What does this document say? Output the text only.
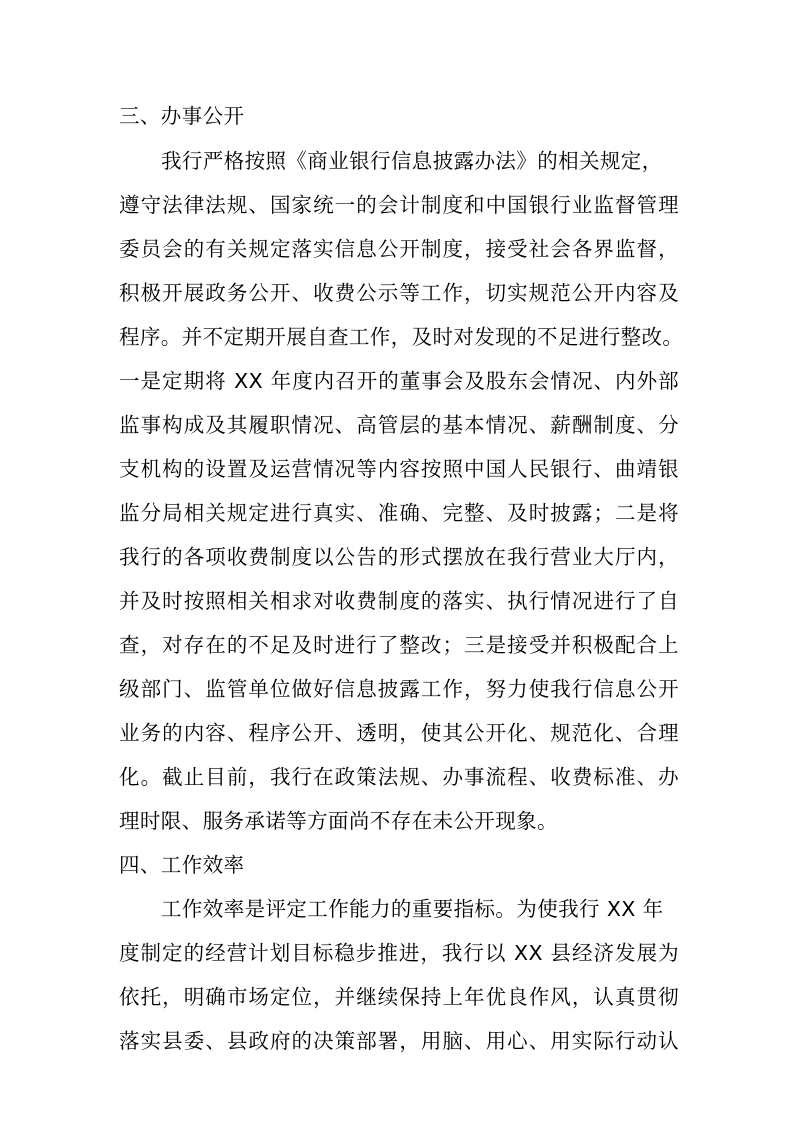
三、办事公开
我行严格按照《商业银行信息披露办法》的相关规定，
遵守法律法规、国家统一的会计制度和中国银行业监督管理
委员会的有关规定落实信息公开制度，接受社会各界监督，
积极开展政务公开、收费公示等工作，切实规范公开内容及
程序。并不定期开展自查工作，及时对发现的不足进行整改。
一是定期将 XX 年度内召开的董事会及股东会情况、内外部
监事构成及其履职情况、高管层的基本情况、薪酬制度、分
支机构的设置及运营情况等内容按照中国人民银行、曲靖银
监分局相关规定进行真实、准确、完整、及时披露；二是将
我行的各项收费制度以公告的形式摆放在我行营业大厅内，
并及时按照相关相求对收费制度的落实、执行情况进行了自
查，对存在的不足及时进行了整改；三是接受并积极配合上
级部门、监管单位做好信息披露工作，努力使我行信息公开
业务的内容、程序公开、透明，使其公开化、规范化、合理
化。截止目前，我行在政策法规、办事流程、收费标准、办
理时限、服务承诺等方面尚不存在未公开现象。
四、工作效率
工作效率是评定工作能力的重要指标。为使我行 XX 年
度制定的经营计划目标稳步推进，我行以 XX 县经济发展为
依托，明确市场定位，并继续保持上年优良作风，认真贯彻
落实县委、县政府的决策部署，用脑、用心、用实际行动认
